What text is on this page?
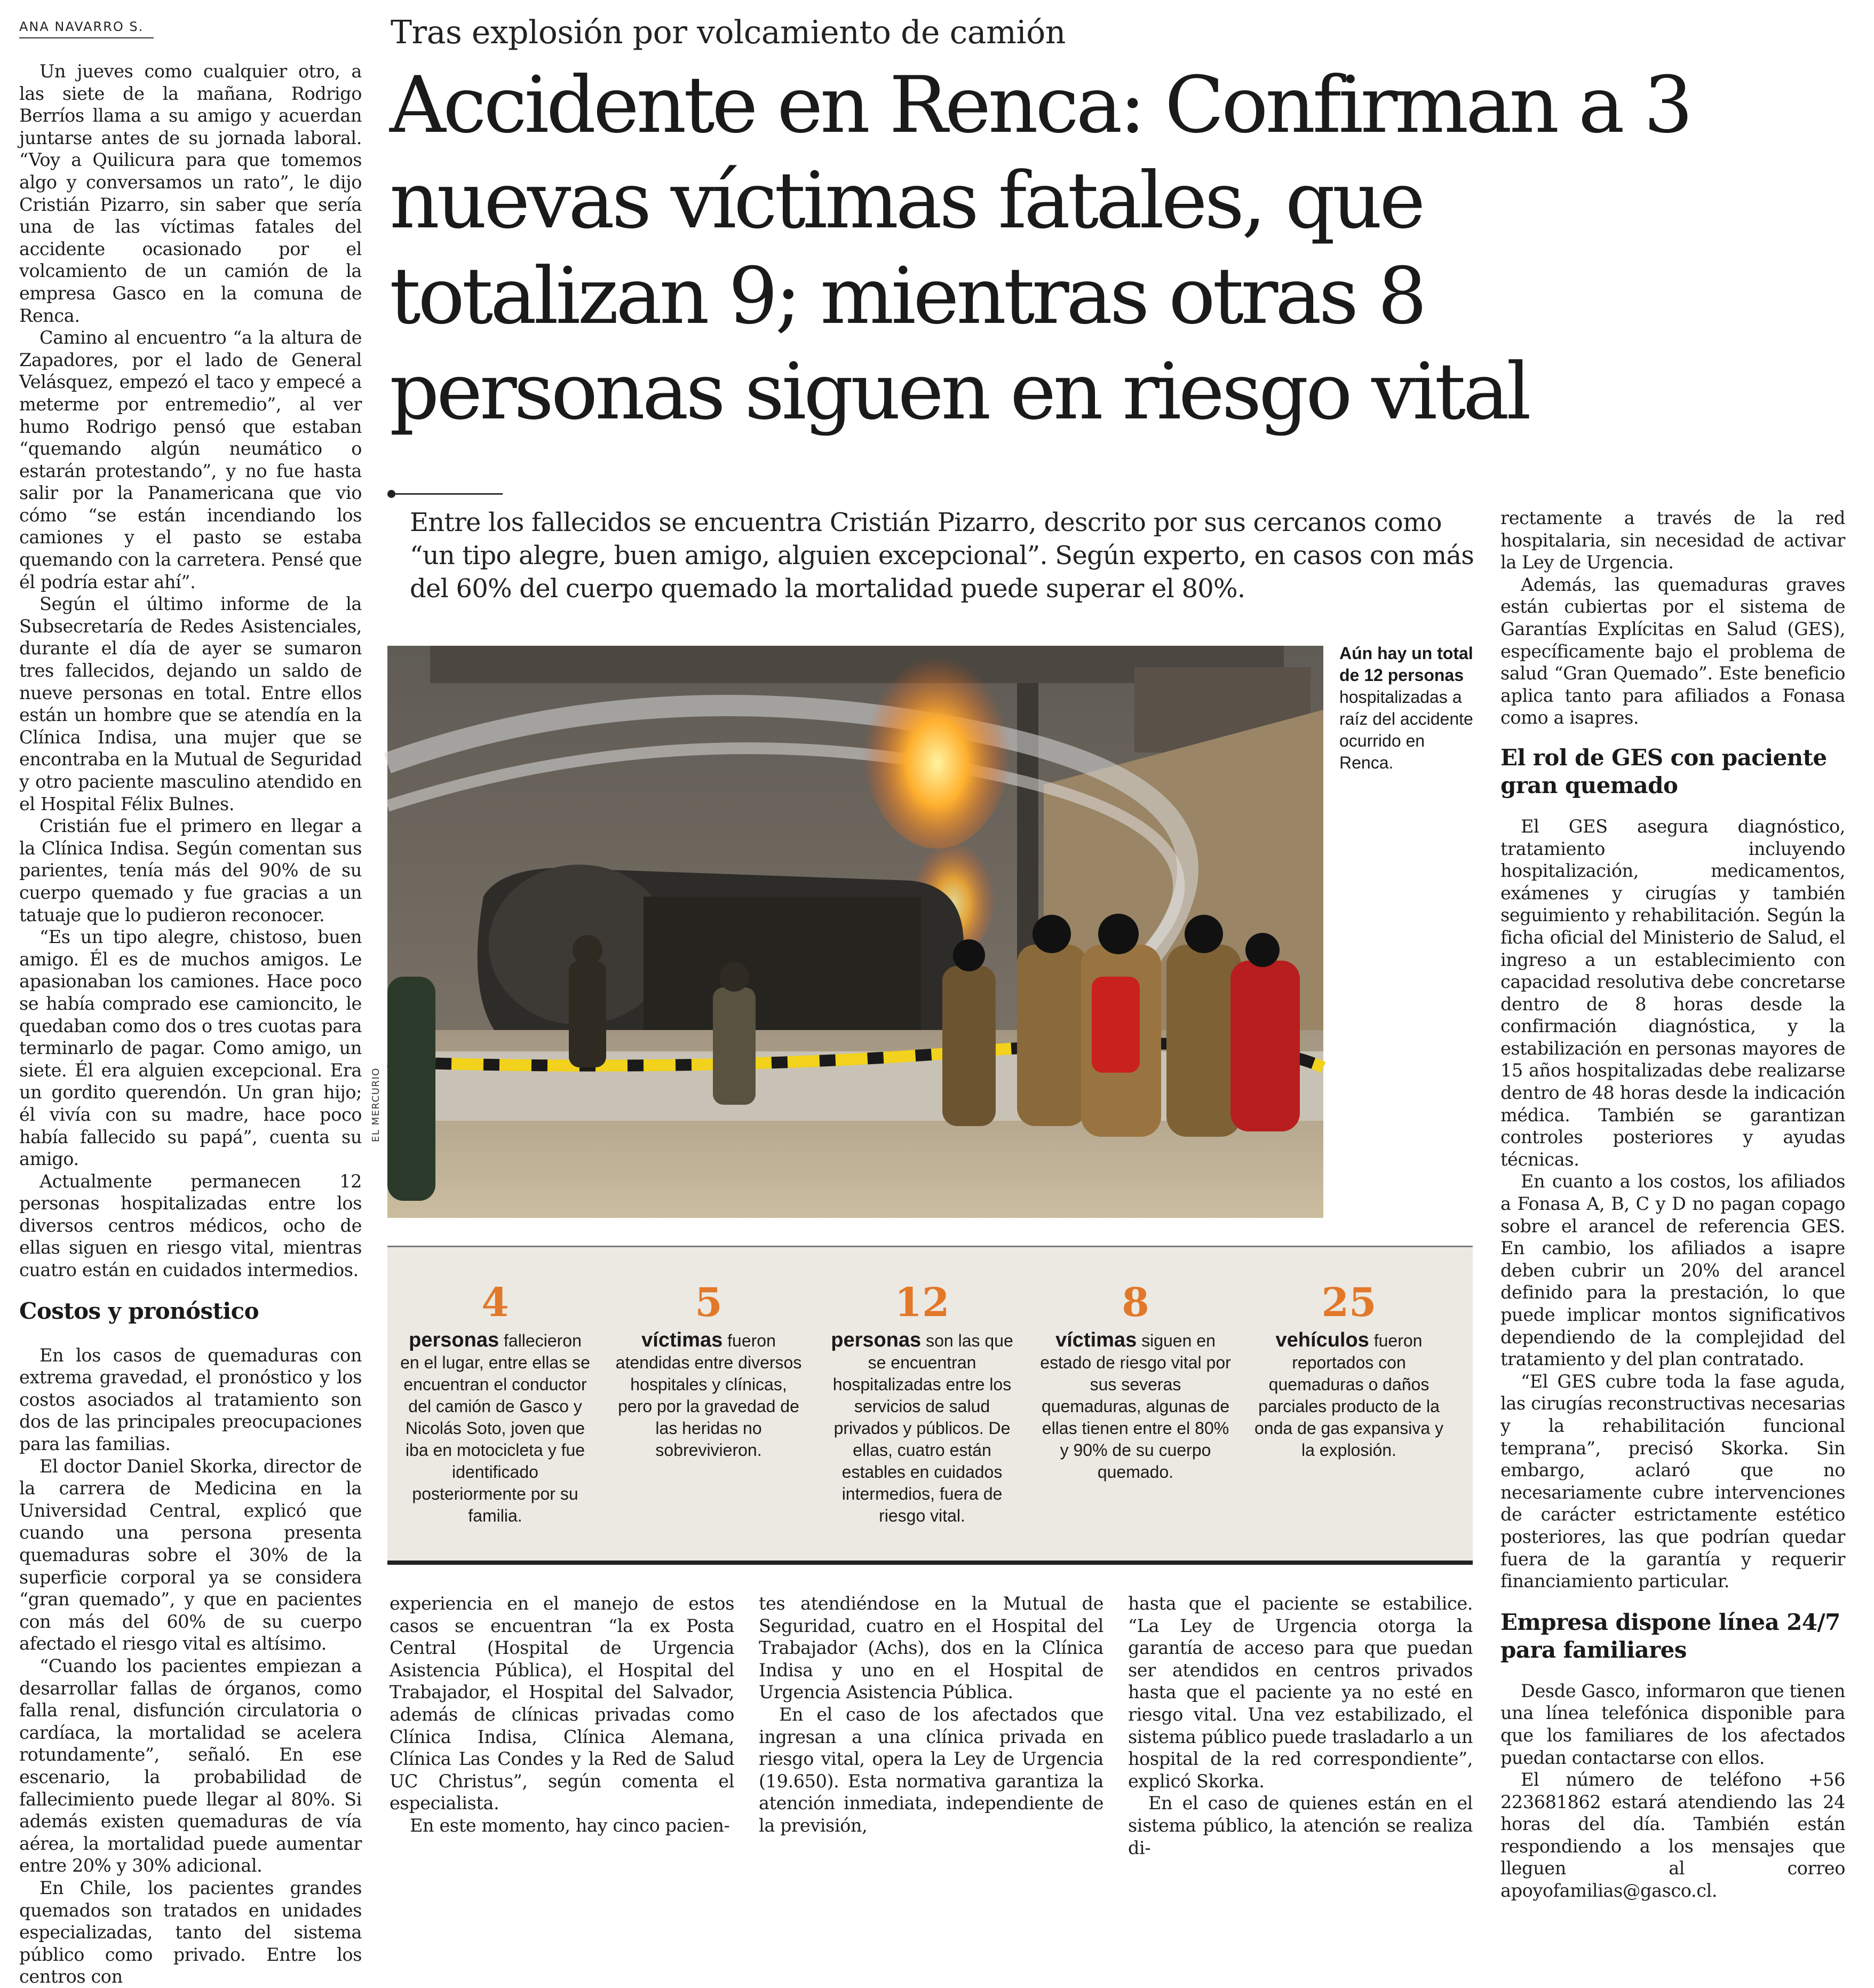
ANA NAVARRO S.	Tras explosión por volcamiento de camión
Accidente en Renca: Confirman a 3 nuevas víctimas fatales, que totalizan 9; mientras otras 8 personas siguen en riesgo vital
Entre los fallecidos se encuentra Cristián Pizarro, descrito por sus cercanos como “un tipo alegre, buen amigo, alguien excepcional”. Según experto, en casos con más del 60% del cuerpo quemado la mortalidad puede superar el 80%.

Un jueves como cualquier otro, a las siete de la mañana, Rodrigo Berríos llama a su amigo y acuerdan juntarse antes de su jornada laboral. “Voy a Quilicura para que tomemos algo y conversamos un rato”, le dijo Cristián Pizarro, sin saber que sería una de las víctimas fatales del accidente ocasionado por el volcamiento de un camión de la empresa Gasco en la comuna de Renca.

Camino al encuentro “a la altura de Zapadores, por el lado de General Velásquez, empezó el taco y empecé a meterme por entremedio”, al ver humo Rodrigo pensó que estaban “quemando algún neumático o estarán protestando”, y no fue hasta salir por la Panamericana que vio cómo “se están incendiando los camiones y el pasto se estaba quemando con la carretera. Pensé que él podría estar ahí”.

Según el último informe de la Subsecretaría de Redes Asistenciales, durante el día de ayer se sumaron tres fallecidos, dejando un saldo de nueve personas en total. Entre ellos están un hombre que se atendía en la Clínica Indisa, una mujer que se encontraba en la Mutual de Seguridad y otro paciente masculino atendido en el Hospital Félix Bulnes.

Cristián fue el primero en llegar a la Clínica Indisa. Según comentan sus parientes, tenía más del 90% de su cuerpo quemado y fue gracias a un tatuaje que lo pudieron reconocer.

“Es un tipo alegre, chistoso, buen amigo. Él es de muchos amigos. Le apasionaban los camiones. Hace poco se había comprado ese camioncito, le quedaban como dos o tres cuotas para terminarlo de pagar. Como amigo, un siete. Él era alguien excepcional. Era un gordito querendón. Un gran hijo; él vivía con su madre, hace poco había fallecido su papá”, cuenta su amigo.

Actualmente permanecen 12 personas hospitalizadas entre los diversos centros médicos, ocho de ellas siguen en riesgo vital, mientras cuatro están en cuidados intermedios.

Costos y pronóstico

En los casos de quemaduras con extrema gravedad, el pronóstico y los costos asociados al tratamiento son dos de las principales preocupaciones para las familias.

El doctor Daniel Skorka, director de la carrera de Medicina en la Universidad Central, explicó que cuando una persona presenta quemaduras sobre el 30% de la superficie corporal ya se considera “gran quemado”, y que en pacientes con más del 60% de su cuerpo afectado el riesgo vital es altísimo.

“Cuando los pacientes empiezan a desarrollar fallas de órganos, como falla renal, disfunción circulatoria o cardíaca, la mortalidad se acelera rotundamente”, señaló. En ese escenario, la probabilidad de fallecimiento puede llegar al 80%. Si además existen quemaduras de vía aérea, la mortalidad puede aumentar entre 20% y 30% adicional.

En Chile, los pacientes grandes quemados son tratados en unidades especializadas, tanto del sistema público como privado. Entre los centros con

EL MERCURIO
Aún hay un total de 12 personas hospitalizadas a raíz del accidente ocurrido en Renca.
4
personas fallecieron en el lugar, entre ellas se encuentran el conductor del camión de Gasco y Nicolás Soto, joven que iba en motocicleta y fue identificado posteriormente por su familia.
5
víctimas fueron atendidas entre diversos hospitales y clínicas, pero por la gravedad de las heridas no sobrevivieron.
12
personas son las que se encuentran hospitalizadas entre los servicios de salud privados y públicos. De ellas, cuatro están estables en cuidados intermedios, fuera de riesgo vital.
8
víctimas siguen en estado de riesgo vital por sus severas quemaduras, algunas de ellas tienen entre el 80% y 90% de su cuerpo quemado.
25
vehículos fueron reportados con quemaduras o daños parciales producto de la onda de gas expansiva y la explosión.

experiencia en el manejo de estos casos se encuentran “la ex Posta Central (Hospital de Urgencia Asistencia Pública), el Hospital del Trabajador, el Hospital del Salvador, además de clínicas privadas como Clínica Indisa, Clínica Alemana, Clínica Las Condes y la Red de Salud UC Christus”, según comenta el especialista.

En este momento, hay cinco pacien-

tes atendiéndose en la Mutual de Seguridad, cuatro en el Hospital del Trabajador (Achs), dos en la Clínica Indisa y uno en el Hospital de Urgencia Asistencia Pública.

En el caso de los afectados que ingresan a una clínica privada en riesgo vital, opera la Ley de Urgencia (19.650). Esta normativa garantiza la atención inmediata, independiente de la previsión,

hasta que el paciente se estabilice. “La Ley de Urgencia otorga la garantía de acceso para que puedan ser atendidos en centros privados hasta que el paciente ya no esté en riesgo vital. Una vez estabilizado, el sistema público puede trasladarlo a un hospital de la red correspondiente”, explicó Skorka.

En el caso de quienes están en el sistema público, la atención se realiza di-

rectamente a través de la red hospitalaria, sin necesidad de activar la Ley de Urgencia.

Además, las quemaduras graves están cubiertas por el sistema de Garantías Explícitas en Salud (GES), específicamente bajo el problema de salud “Gran Quemado”. Este beneficio aplica tanto para afiliados a Fonasa como a isapres.

El rol de GES con paciente gran quemado

El GES asegura diagnóstico, tratamiento incluyendo hospitalización, medicamentos, exámenes y cirugías y también seguimiento y rehabilitación. Según la ficha oficial del Ministerio de Salud, el ingreso a un establecimiento con capacidad resolutiva debe concretarse dentro de 8 horas desde la confirmación diagnóstica, y la estabilización en personas mayores de 15 años hospitalizadas debe realizarse dentro de 48 horas desde la indicación médica. También se garantizan controles posteriores y ayudas técnicas.

En cuanto a los costos, los afiliados a Fonasa A, B, C y D no pagan copago sobre el arancel de referencia GES. En cambio, los afiliados a isapre deben cubrir un 20% del arancel definido para la prestación, lo que puede implicar montos significativos dependiendo de la complejidad del tratamiento y del plan contratado.

“El GES cubre toda la fase aguda, las cirugías reconstructivas necesarias y la rehabilitación funcional temprana”, precisó Skorka. Sin embargo, aclaró que no necesariamente cubre intervenciones de carácter estrictamente estético posteriores, las que podrían quedar fuera de la garantía y requerir financiamiento particular.

Empresa dispone línea 24/7 para familiares

Desde Gasco, informaron que tienen una línea telefónica disponible para que los familiares de los afectados puedan contactarse con ellos.

El número de teléfono +56 223681862 estará atendiendo las 24 horas del día. También están respondiendo a los mensajes que lleguen al correo apoyofamilias@gasco.cl.
